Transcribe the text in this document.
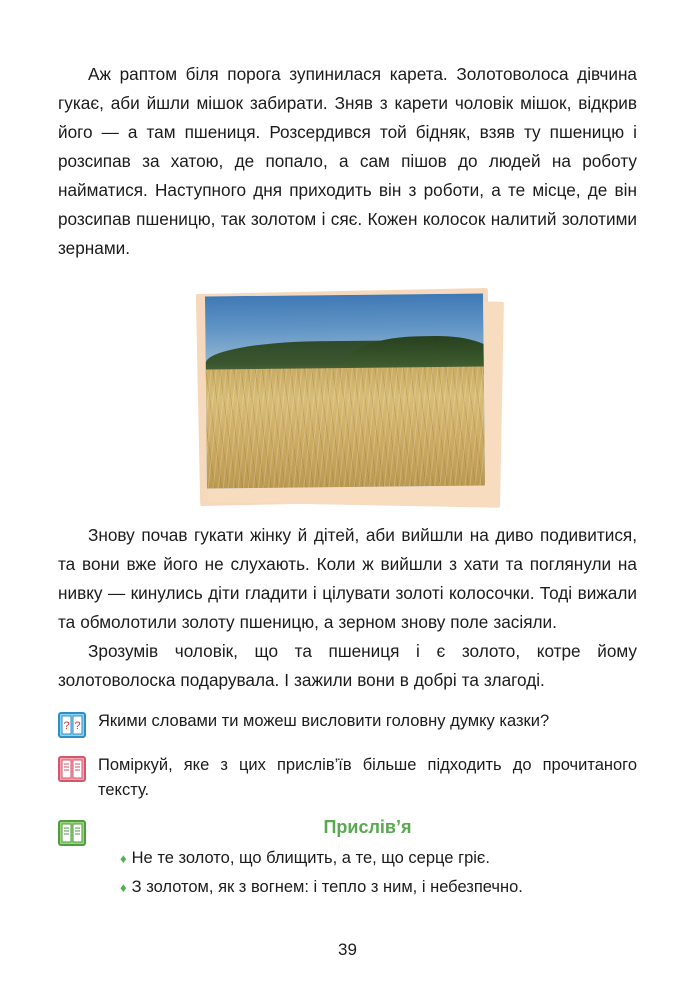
Аж раптом біля порога зупинилася карета. Золотоволоса дівчина гукає, аби йшли мішок забирати. Зняв з карети чоловік мішок, відкрив його — а там пшениця. Розсердився той бідняк, взяв ту пшеницю і розсипав за хатою, де попало, а сам пішов до людей на роботу найматися. Наступного дня приходить він з роботи, а те місце, де він розсипав пшеницю, так золотом і сяє. Кожен колосок налитий золотими зернами.

Знову почав гукати жінку й дітей, аби вийшли на диво подивитися, та вони вже його не слухають. Коли ж вийшли з хати та поглянули на нивку — кинулись діти гладити і цілувати золоті колосочки. Тоді вижали та обмолотили золоту пшеницю, а зерном знову поле засіяли.

Зрозумів чоловік, що та пшениця і є золото, котре йому золотоволоска подарувала. І зажили вони в добрі та злагоді.

? ? Якими словами ти можеш висловити головну думку казки?
Поміркуй, яке з цих прислів’їв більше підходить до прочитаного тексту.
Прислів’я
♦ Не те золото, що блищить, а те, що серце гріє.
♦ З золотом, як з вогнем: і тепло з ним, і небезпечно.
39
